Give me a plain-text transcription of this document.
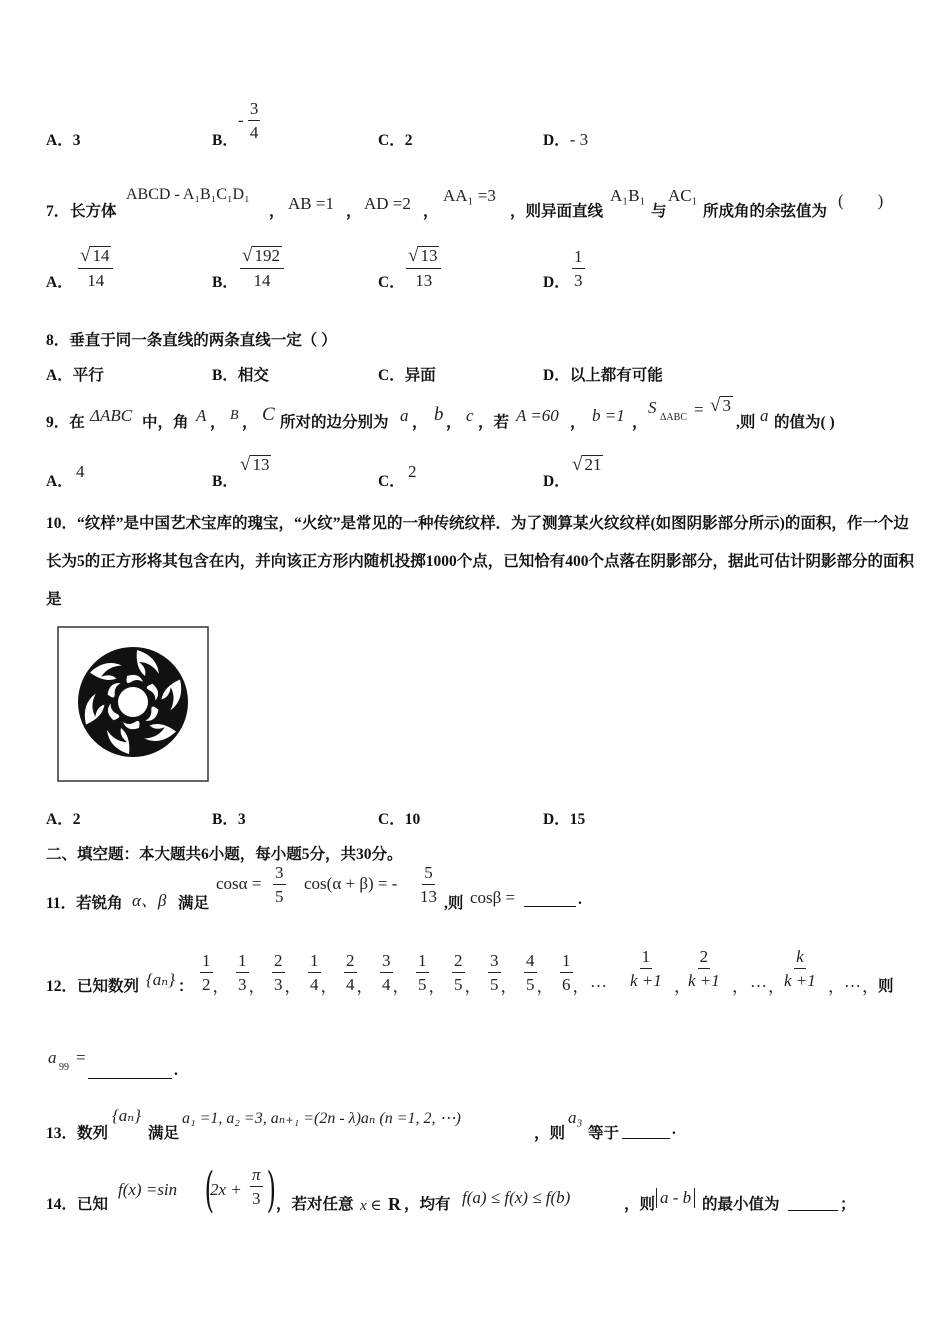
A．3	B．
- $\frac{3}{4}$	C．2	D．- 3
7． 长方体
ABCD - A₁B₁C₁D₁
， AB =1 ， AD =2 ，
AA₁ =3
，则异面直线
A₁B₁
与
AC₁
所成角的余弦值为
(　　)
A． $\frac{√ 14}{14}$	B． $\frac{√ 192}{14}$	C． $\frac{√ 13}{13}$	D． $\frac{1}{3}$
8．垂直于同一条直线的两条直线一定（ ）
A．平行	B．相交	C．异面	D．以上都有可能
9．在 ΔABC 中，角 A ， B ， C 所对的边分别为 a ， b ， c ，若 A =60 ， b =1 ，
S
ΔABC = √ 3
,则 a 的值为( )
A．
4
B．
√ 13
C．
2
D．
√ 21
10．“纹样”是中国艺术宝库的瑰宝，“火纹”是常见的一种传统纹样．为了测算某火纹纹样(如图阴影部分所示)的面积，作一个边长为5的正方形将其包含在内，并向该正方形内随机投掷1000个点，已知恰有400个点落在阴影部分，据此可估计阴影部分的面积是
A．2	B．3	C．10	D．15
二、填空题：本大题共6小题，每小题5分，共30分。
11．若锐角 α、β 满足
$\cos\alpha = \frac{3}{5} \cos(\alpha + \beta)$ = - $\frac{5}{13}$ ,则 cosβ =	.
12．已知数列 {aₙ} ： $\frac{1}{2}$ ， $\frac{1}{3}$ ， $\frac{2}{3}$ ， $\frac{1}{4}$ ， $\frac{2}{4}$ ， $\frac{3}{4}$ ， $\frac{1}{5}$ ， $\frac{2}{5}$ ， $\frac{3}{5}$ ， $\frac{4}{5}$ ， $\frac{1}{6}$ ， … $\frac{1}{k +1}$ ，
$\frac{2}{k +1}$ ， … ， $\frac{k}{k +1}$ ， … ， 则
a
99
=
.
13．数列
{aₙ}
满足
a₁ =1, a₂ =3, aₙ₊₁ =(2n - λ)aₙ (n =1, 2, ⋯)
，则
a₃
等于	.
14．已知
f(x) =sin (
$2x + \frac{\pi}{3}$ ) ，若对任意 x ∈ R ，均有 f(a) ≤ f(x) ≤ f(b)	，则 a - b 的最小值为	；
